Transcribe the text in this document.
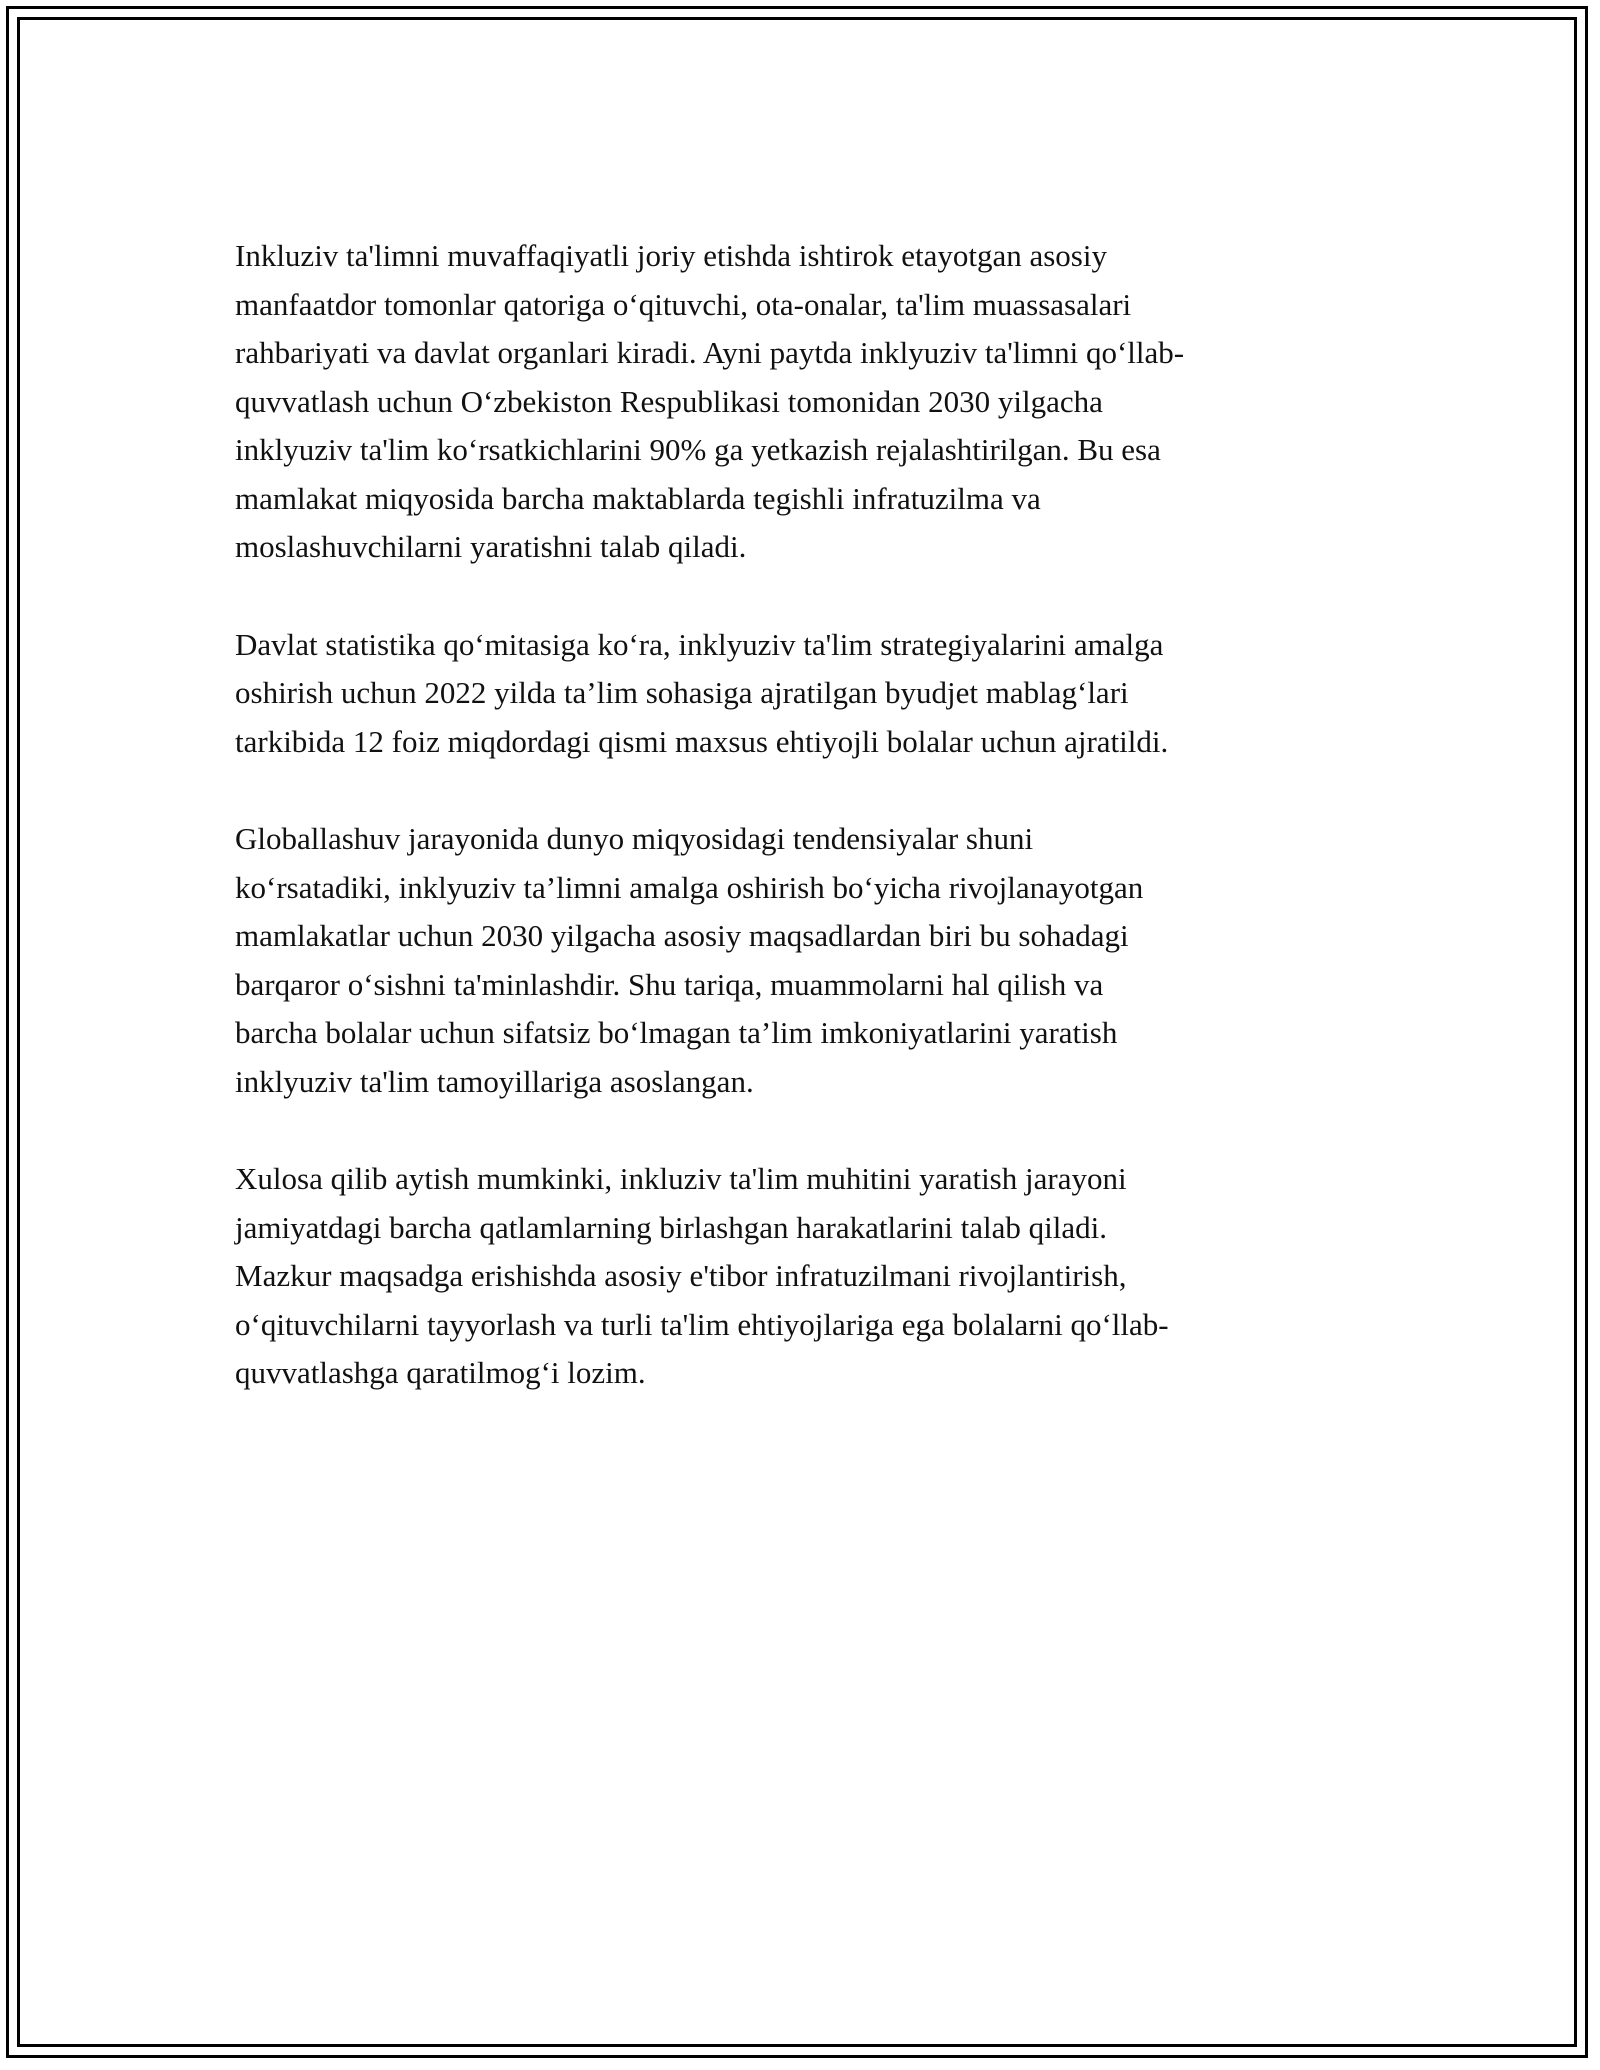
Inkluziv ta'limni muvaffaqiyatli joriy etishda ishtirok etayotgan asosiy
manfaatdor tomonlar qatoriga o‘qituvchi, ota-onalar, ta'lim muassasalari
rahbariyati va davlat organlari kiradi. Ayni paytda inklyuziv ta'limni qo‘llab-
quvvatlash uchun O‘zbekiston Respublikasi tomonidan 2030 yilgacha
inklyuziv ta'lim ko‘rsatkichlarini 90% ga yetkazish rejalashtirilgan. Bu esa
mamlakat miqyosida barcha maktablarda tegishli infratuzilma va
moslashuvchilarni yaratishni talab qiladi.

Davlat statistika qo‘mitasiga ko‘ra, inklyuziv ta'lim strategiyalarini amalga
oshirish uchun 2022 yilda ta’lim sohasiga ajratilgan byudjet mablag‘lari
tarkibida 12 foiz miqdordagi qismi maxsus ehtiyojli bolalar uchun ajratildi.

Globallashuv jarayonida dunyo miqyosidagi tendensiyalar shuni
ko‘rsatadiki, inklyuziv ta’limni amalga oshirish bo‘yicha rivojlanayotgan
mamlakatlar uchun 2030 yilgacha asosiy maqsadlardan biri bu sohadagi
barqaror o‘sishni ta'minlashdir. Shu tariqa, muammolarni hal qilish va
barcha bolalar uchun sifatsiz bo‘lmagan ta’lim imkoniyatlarini yaratish
inklyuziv ta'lim tamoyillariga asoslangan.

Xulosa qilib aytish mumkinki, inkluziv ta'lim muhitini yaratish jarayoni
jamiyatdagi barcha qatlamlarning birlashgan harakatlarini talab qiladi.
Mazkur maqsadga erishishda asosiy e'tibor infratuzilmani rivojlantirish,
o‘qituvchilarni tayyorlash va turli ta'lim ehtiyojlariga ega bolalarni qo‘llab-
quvvatlashga qaratilmog‘i lozim.
